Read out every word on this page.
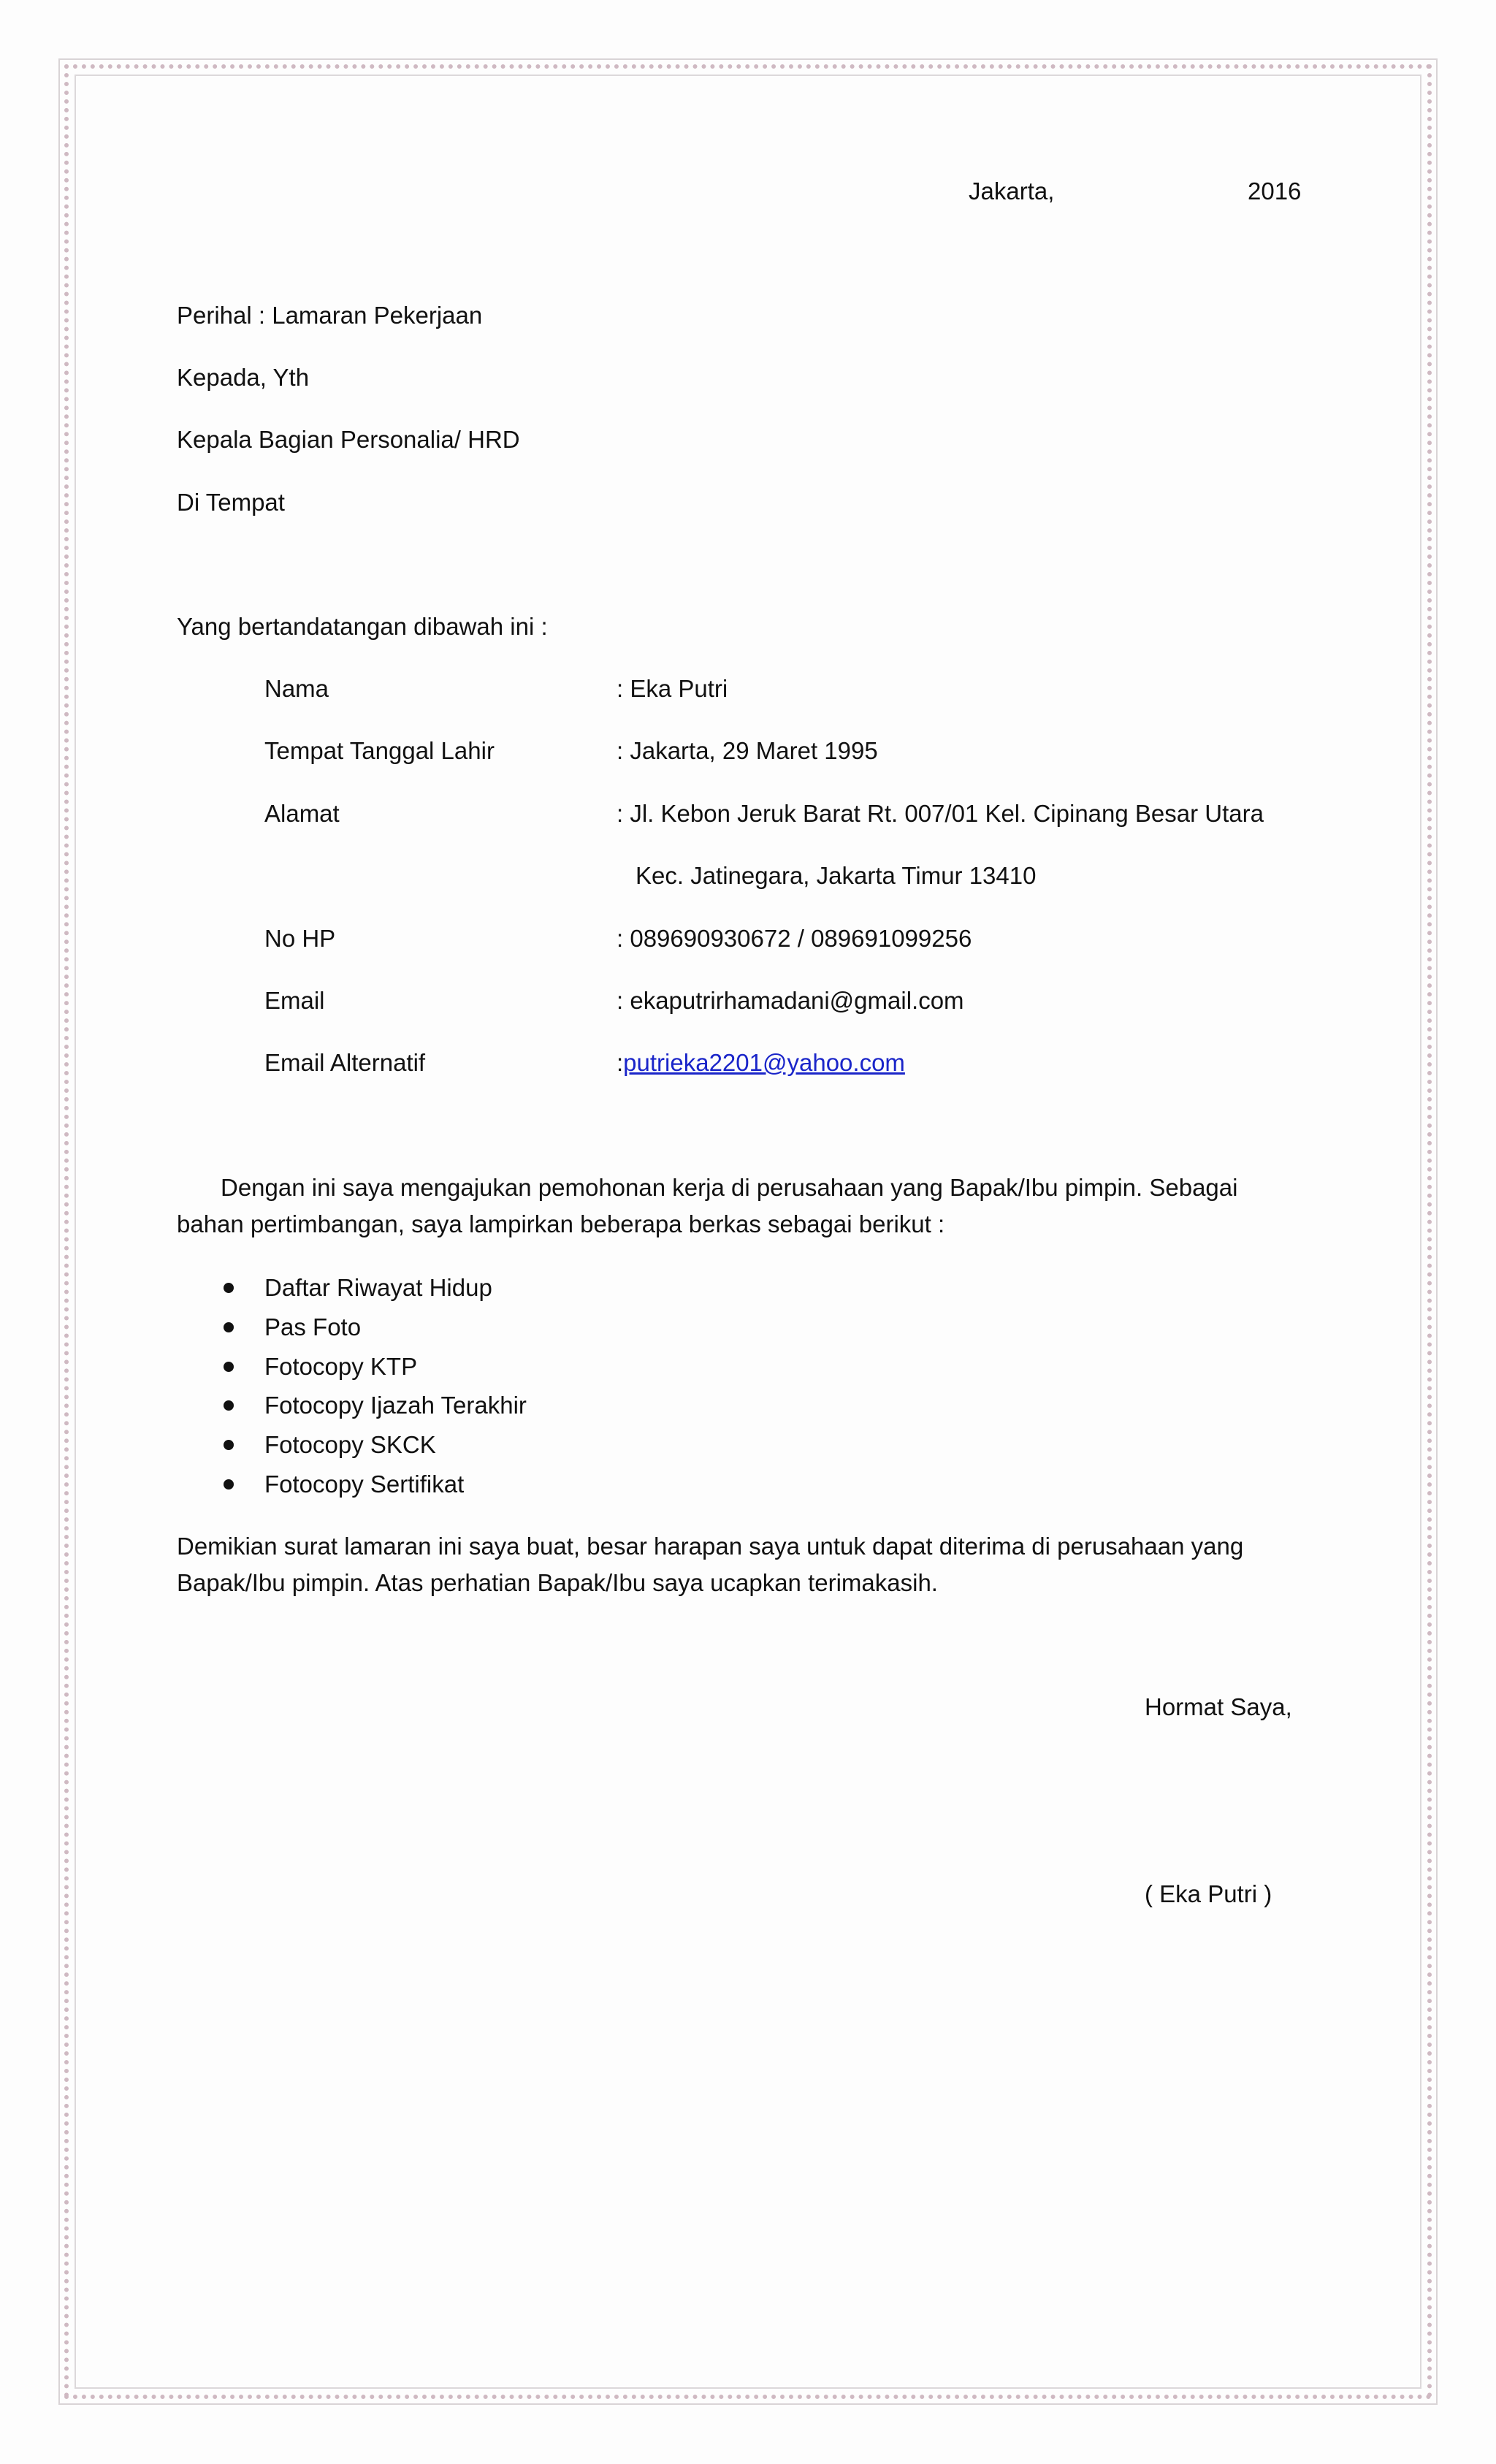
Jakarta,	2016
Perihal : Lamaran Pekerjaan
Kepada, Yth
Kepala Bagian Personalia/ HRD
Di Tempat
Yang bertandatangan dibawah ini :
Nama	: Eka Putri
Tempat Tanggal Lahir	: Jakarta, 29 Maret 1995
Alamat	: Jl. Kebon Jeruk Barat Rt. 007/01 Kel. Cipinang Besar Utara
Kec. Jatinegara, Jakarta Timur 13410
No HP	: 089690930672 / 089691099256
Email	: ekaputrirhamadani@gmail.com
Email Alternatif	:putrieka2201@yahoo.com
Dengan ini saya mengajukan pemohonan kerja di perusahaan yang Bapak/Ibu pimpin. Sebagai
bahan pertimbangan, saya lampirkan beberapa berkas sebagai berikut :
Daftar Riwayat Hidup
Pas Foto
Fotocopy KTP
Fotocopy Ijazah Terakhir
Fotocopy SKCK
Fotocopy Sertifikat
Demikian surat lamaran ini saya buat, besar harapan saya untuk dapat diterima di perusahaan yang
Bapak/Ibu pimpin. Atas perhatian Bapak/Ibu saya ucapkan terimakasih.
Hormat Saya,
( Eka Putri )
